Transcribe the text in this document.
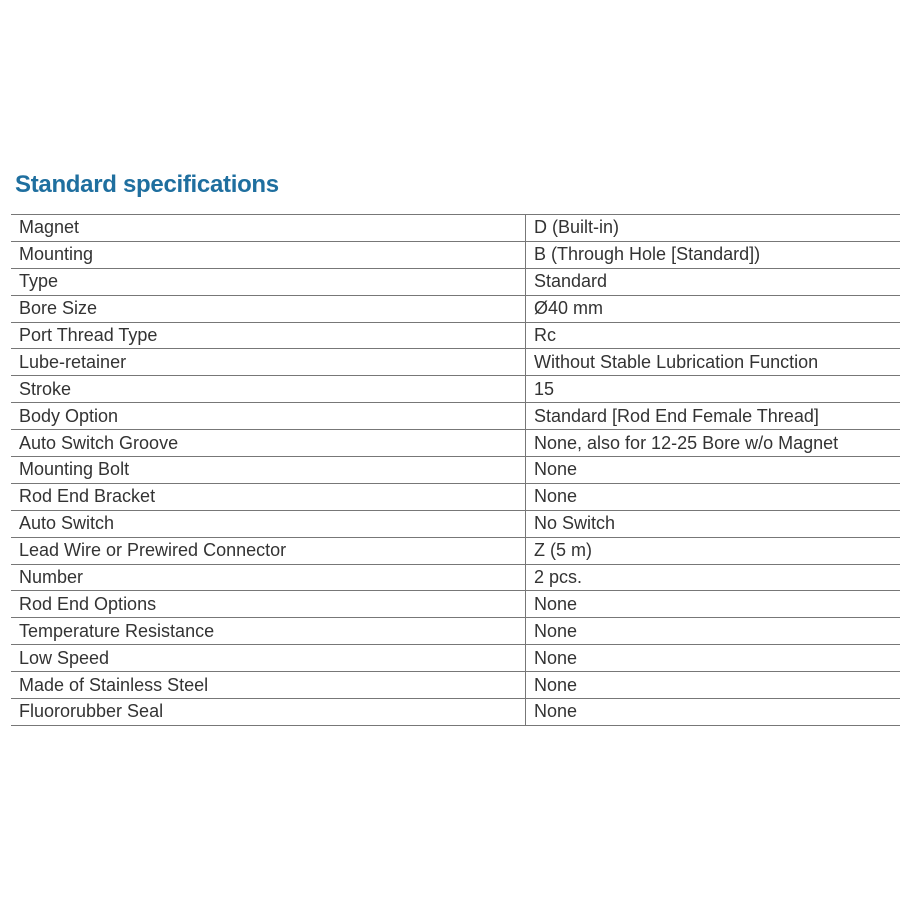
Standard specifications
Magnet	D (Built-in)
Mounting	B (Through Hole [Standard])
Type	Standard
Bore Size	Ø40 mm
Port Thread Type	Rc
Lube-retainer	Without Stable Lubrication Function
Stroke	15
Body Option	Standard [Rod End Female Thread]
Auto Switch Groove	None, also for 12-25 Bore w/o Magnet
Mounting Bolt	None
Rod End Bracket	None
Auto Switch	No Switch
Lead Wire or Prewired Connector	Z (5 m)
Number	2 pcs.
Rod End Options	None
Temperature Resistance	None
Low Speed	None
Made of Stainless Steel	None
Fluororubber Seal	None
